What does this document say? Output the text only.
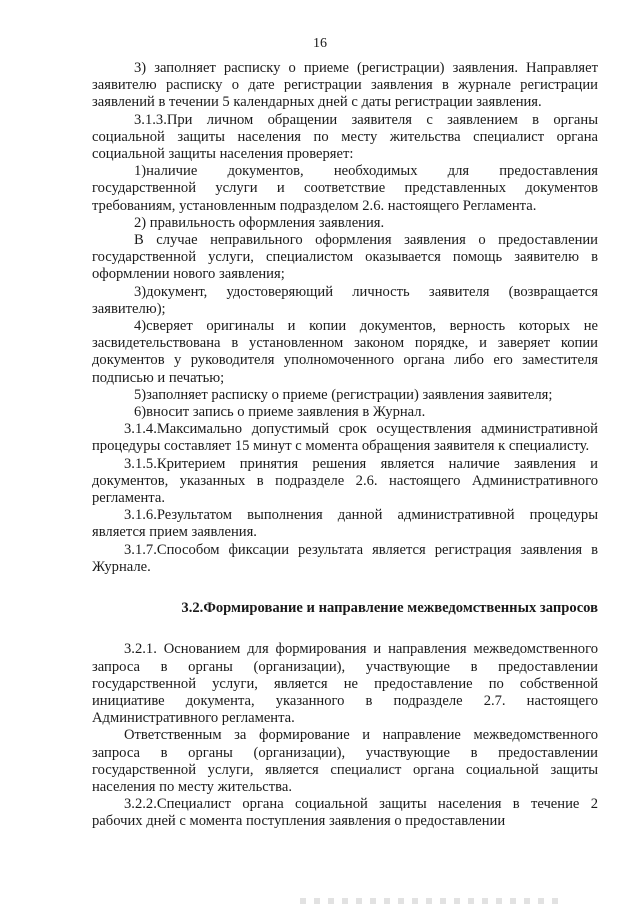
16

3) заполняет расписку о приеме (регистрации) заявления. Направляет заявителю расписку о дате регистрации заявления в журнале регистрации заявлений в течении 5 календарных дней с даты регистрации заявления.

3.1.3.При личном обращении заявителя с заявлением в органы социальной защиты населения по месту жительства специалист органа социальной защиты населения проверяет:

1)наличие документов, необходимых для предоставления государственной услуги и соответствие представленных документов требованиям, установленным подразделом 2.6. настоящего Регламента.

2) правильность оформления заявления.

В случае неправильного оформления заявления о предоставлении государственной услуги, специалистом оказывается помощь заявителю в оформлении нового заявления;

3)документ, удостоверяющий личность заявителя (возвращается заявителю);

4)сверяет оригиналы и копии документов, верность которых не засвидетельствована в установленном законом порядке, и заверяет копии документов у руководителя уполномоченного органа либо его заместителя подписью и печатью;

5)заполняет расписку о приеме (регистрации) заявления заявителя;

6)вносит запись о приеме заявления в Журнал.

3.1.4.Максимально допустимый срок осуществления административной процедуры составляет 15 минут с момента обращения заявителя к специалисту.

3.1.5.Критерием принятия решения является наличие заявления и документов, указанных в подразделе 2.6. настоящего Административного регламента.

3.1.6.Результатом выполнения данной административной процедуры является прием заявления.

3.1.7.Способом фиксации результата является регистрация заявления в Журнале.

3.2.Формирование и направление межведомственных запросов

3.2.1. Основанием для формирования и направления межведомственного запроса в органы (организации), участвующие в предоставлении государственной услуги, является не предоставление по собственной инициативе документа, указанного в подразделе 2.7. настоящего Административного регламента.

Ответственным за формирование и направление межведомственного запроса в органы (организации), участвующие в предоставлении государственной услуги, является специалист органа социальной защиты населения по месту жительства.

3.2.2.Специалист органа социальной защиты населения в течение 2 рабочих дней с момента поступления заявления о предоставлении
